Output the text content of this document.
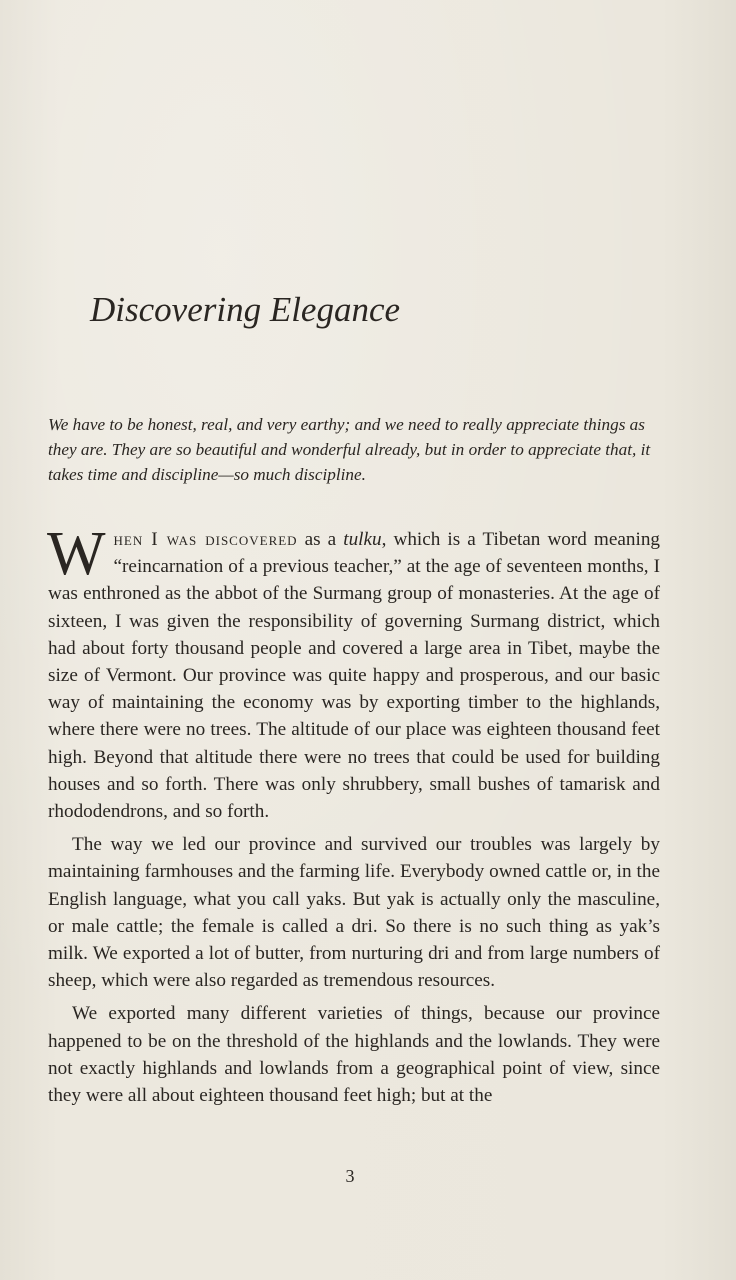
Discovering Elegance

We have to be honest, real, and very earthy; and we need to really appreciate things as they are. They are so beautiful and wonderful already, but in order to appreciate that, it takes time and discipline—so much discipline.

When I was discovered as a tulku, which is a Tibetan word meaning “reincarnation of a previous teacher,” at the age of seventeen months, I was enthroned as the abbot of the Surmang group of monasteries. At the age of sixteen, I was given the responsibility of governing Surmang district, which had about forty thousand people and covered a large area in Tibet, maybe the size of Vermont. Our province was quite happy and prosperous, and our basic way of maintaining the economy was by exporting timber to the highlands, where there were no trees. The altitude of our place was eighteen thousand feet high. Beyond that altitude there were no trees that could be used for building houses and so forth. There was only shrubbery, small bushes of tamarisk and rhododendrons, and so forth.

The way we led our province and survived our troubles was largely by maintaining farmhouses and the farming life. Everybody owned cattle or, in the English language, what you call yaks. But yak is actually only the masculine, or male cattle; the female is called a dri. So there is no such thing as yak’s milk. We exported a lot of butter, from nurturing dri and from large numbers of sheep, which were also regarded as tremendous resources.

We exported many different varieties of things, because our province happened to be on the threshold of the highlands and the lowlands. They were not exactly highlands and lowlands from a geographical point of view, since they were all about eighteen thousand feet high; but at the

3
